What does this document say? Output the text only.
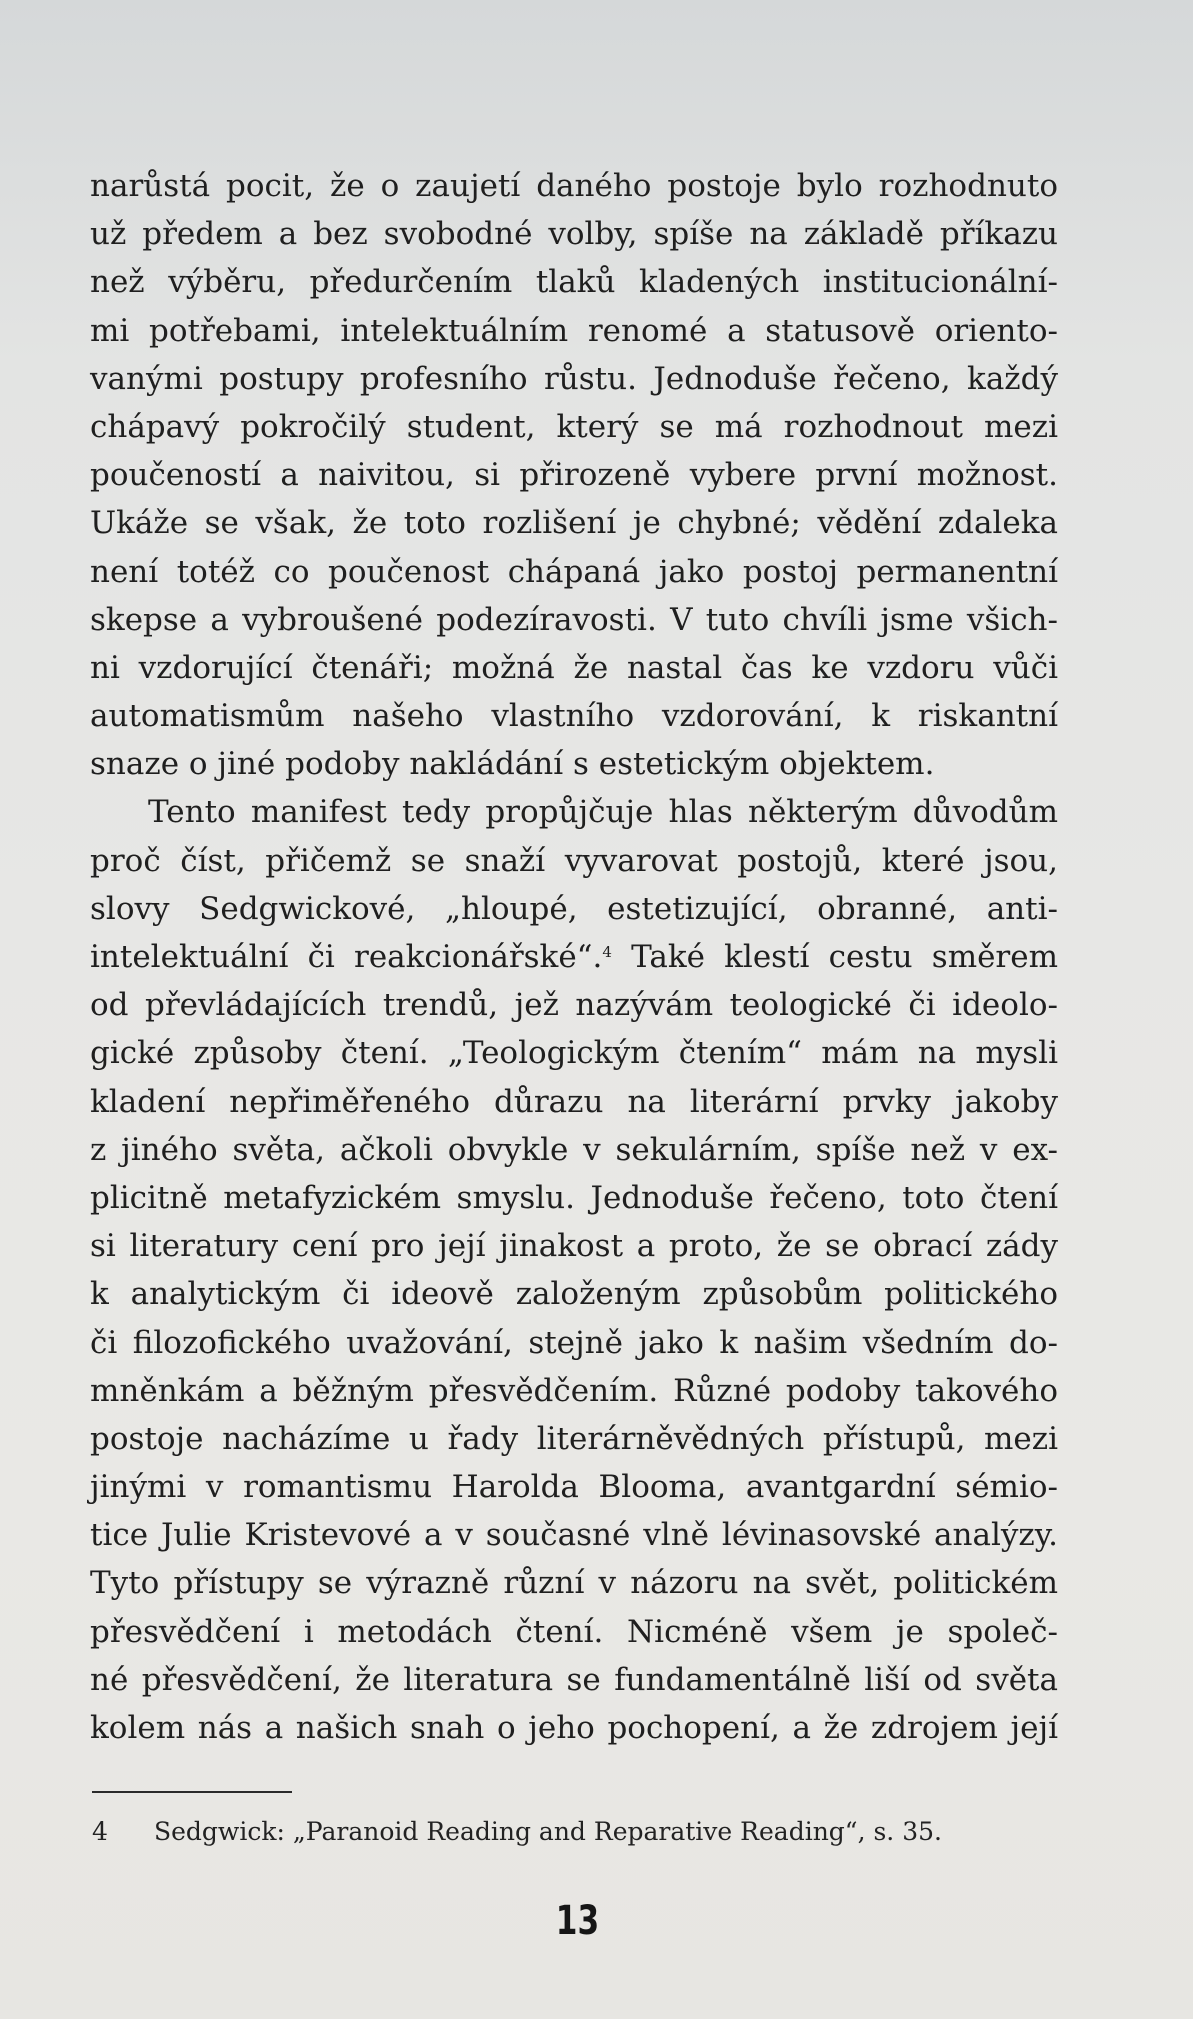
narůstá pocit, že o zaujetí daného postoje bylo rozhodnuto
už předem a bez svobodné volby, spíše na základě příkazu
než výběru, předurčením tlaků kladených institucionální-
mi potřebami, intelektuálním renomé a statusově oriento-
vanými postupy profesního růstu. Jednoduše řečeno, každý
chápavý pokročilý student, který se má rozhodnout mezi
poučeností a naivitou, si přirozeně vybere první možnost.
Ukáže se však, že toto rozlišení je chybné; vědění zdaleka
není totéž co poučenost chápaná jako postoj permanentní
skepse a vybroušené podezíravosti. V tuto chvíli jsme všich-
ni vzdorující čtenáři; možná že nastal čas ke vzdoru vůči
automatismům našeho vlastního vzdorování, k riskantní
snaze o jiné podoby nakládání s estetickým objektem.
Tento manifest tedy propůjčuje hlas některým důvodům
proč číst, přičemž se snaží vyvarovat postojů, které jsou,
slovy Sedgwickové, „hloupé, estetizující, obranné, anti-
intelektuální či reakcionářské“.$^4$ Také klestí cestu směrem
od převládajících trendů, jež nazývám teologické či ideolo-
gické způsoby čtení. „Teologickým čtením“ mám na mysli
kladení nepřiměřeného důrazu na literární prvky jakoby
z jiného světa, ačkoli obvykle v sekulárním, spíše než v ex-
plicitně metafyzickém smyslu. Jednoduše řečeno, toto čtení
si literatury cení pro její jinakost a proto, že se obrací zády
k analytickým či ideově založeným způsobům politického
či filozofického uvažování, stejně jako k našim všedním do-
mněnkám a běžným přesvědčením. Různé podoby takového
postoje nacházíme u řady literárněvědných přístupů, mezi
jinými v romantismu Harolda Blooma, avantgardní sémio-
tice Julie Kristevové a v současné vlně lévinasovské analýzy.
Tyto přístupy se výrazně různí v názoru na svět, politickém
přesvědčení i metodách čtení. Nicméně všem je společ-
né přesvědčení, že literatura se fundamentálně liší od světa
kolem nás a našich snah o jeho pochopení, a že zdrojem její
4 Sedgwick: „Paranoid Reading and Reparative Reading“, s. 35.
13
